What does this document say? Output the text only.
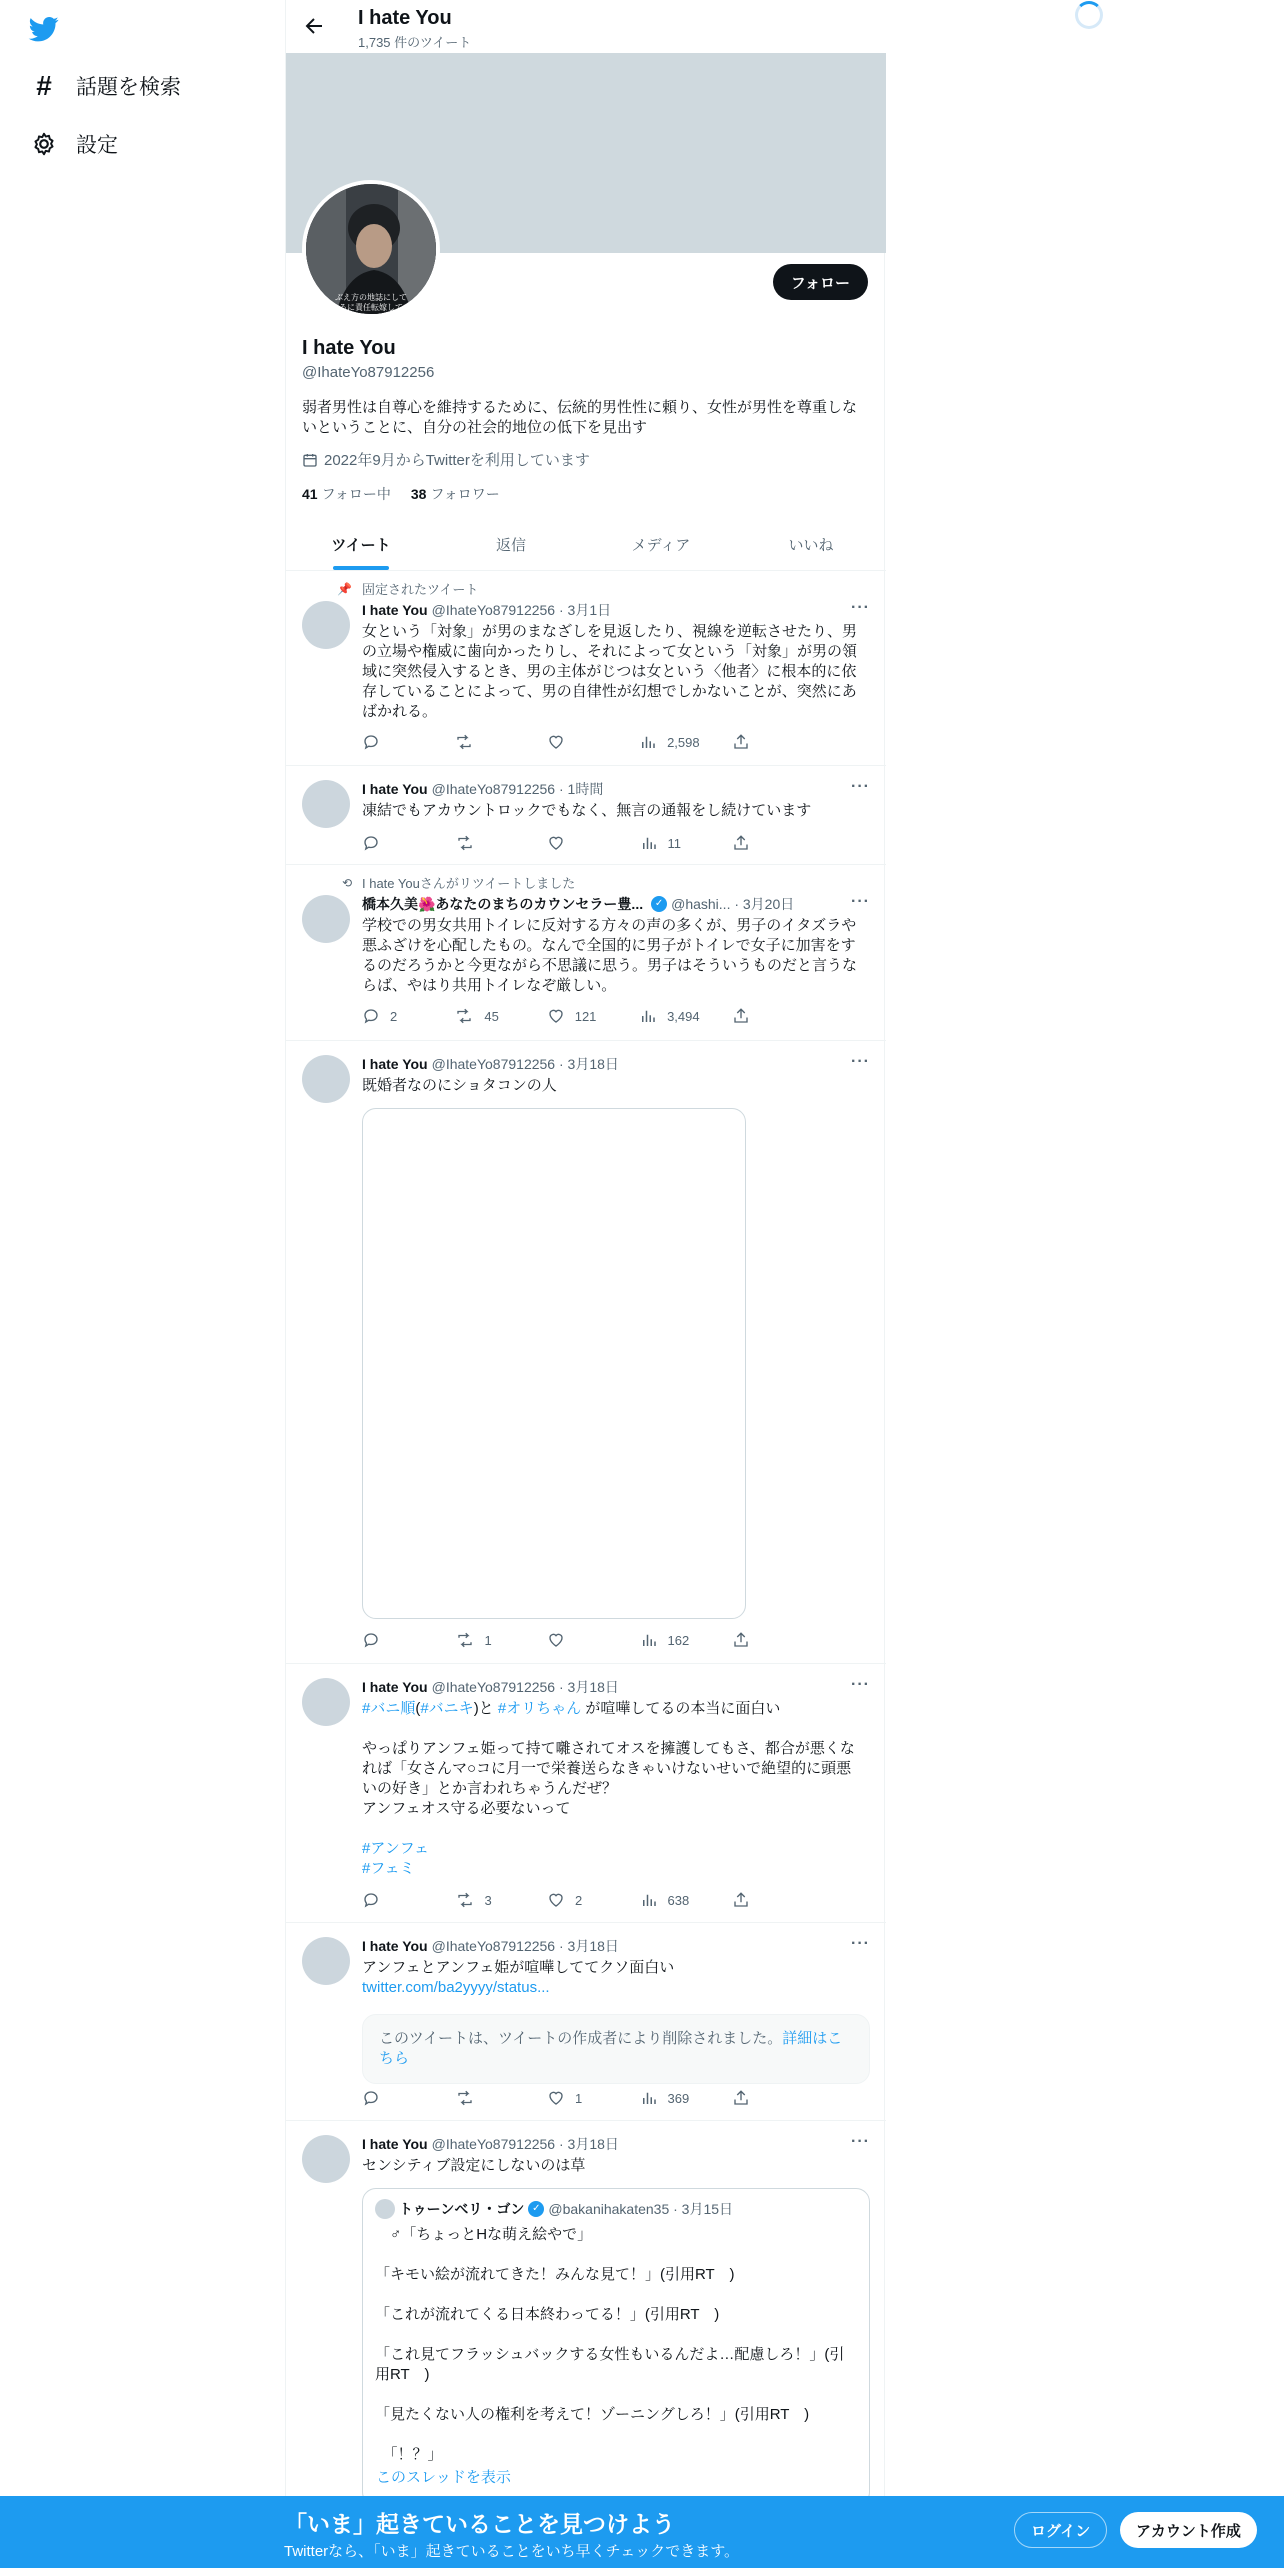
# 話題を検索
設定
I hate You
1,735 件のツイート
ぶえ方の地誌にして
ろに責任転嫁して
フォロー
I hate You
@IhateYo87912256
弱者男性は自尊心を維持するために、伝統的男性性に頼り、女性が男性を尊重しないということに、自分の社会的地位の低下を見出す
2022年9月からTwitterを利用しています
41 フォロー中 38 フォロワー
ツイート	返信	メディア	いいね
📌 固定されたツイート
I hate You @IhateYo87912256 · 3月1日	···
女という「対象」が男のまなざしを見返したり、視線を逆転させたり、男の立場や権威に歯向かったりし、それによって女という「対象」が男の領域に突然侵入するとき、男の主体がじつは女という〈他者〉に根本的に依存していることによって、男の自律性が幻想でしかないことが、突然にあばかれる。
2,598
I hate You @IhateYo87912256 · 1時間	···
凍結でもアカウントロックでもなく、無言の通報をし続けています
11
⟲ I hate Youさんがリツイートしました
橋本久美🌺あなたのまちのカウンセラー豊...	✓ @hashi... · 3月20日	···
学校での男女共用トイレに反対する方々の声の多くが、男子のイタズラや悪ふざけを心配したもの。なんで全国的に男子がトイレで女子に加害をするのだろうかと今更ながら不思議に思う。男子はそういうものだと言うならば、やはり共用トイレなぞ厳しい。
2	45	121	3,494
I hate You @IhateYo87912256 · 3月18日	···
既婚者なのにショタコンの人
1	162
I hate You @IhateYo87912256 · 3月18日	···
#バニ順(#バニキ)と #オリちゃん が喧嘩してるの本当に面白い
やっぱりアンフェ姫って持て囃されてオスを擁護してもさ、都合が悪くなれば「女さんマ○コに月一で栄養送らなきゃいけないせいで絶望的に頭悪いの好き」とか言われちゃうんだぜ？
アンフェオス守る必要ないって
#アンフェ
#フェミ
3	2	638
I hate You @IhateYo87912256 · 3月18日	···
アンフェとアンフェ姫が喧嘩しててクソ面白い
twitter.com/ba2yyyy/status...
このツイートは、ツイートの作成者により削除されました。詳細はこちら
1	369
I hate You @IhateYo87912256 · 3月18日	···
センシティブ設定にしないのは草
トゥーンベリ・ゴン ✓ @bakanihakaten35 · 3月15日
　♂「ちょっとHな萌え絵やで」

「キモい絵が流れてきた！みんな見て！」(引用RT　)

「これが流れてくる日本終わってる！」(引用RT　)

「これ見てフラッシュバックする女性もいるんだよ…配慮しろ！」(引用RT　)

「見たくない人の権利を考えて！ゾーニングしろ！」(引用RT　)

　「！？」
このスレッドを表示
「いま」起きていることを見つけよう
Twitterなら、「いま」起きていることをいち早くチェックできます。
ログイン	アカウント作成
